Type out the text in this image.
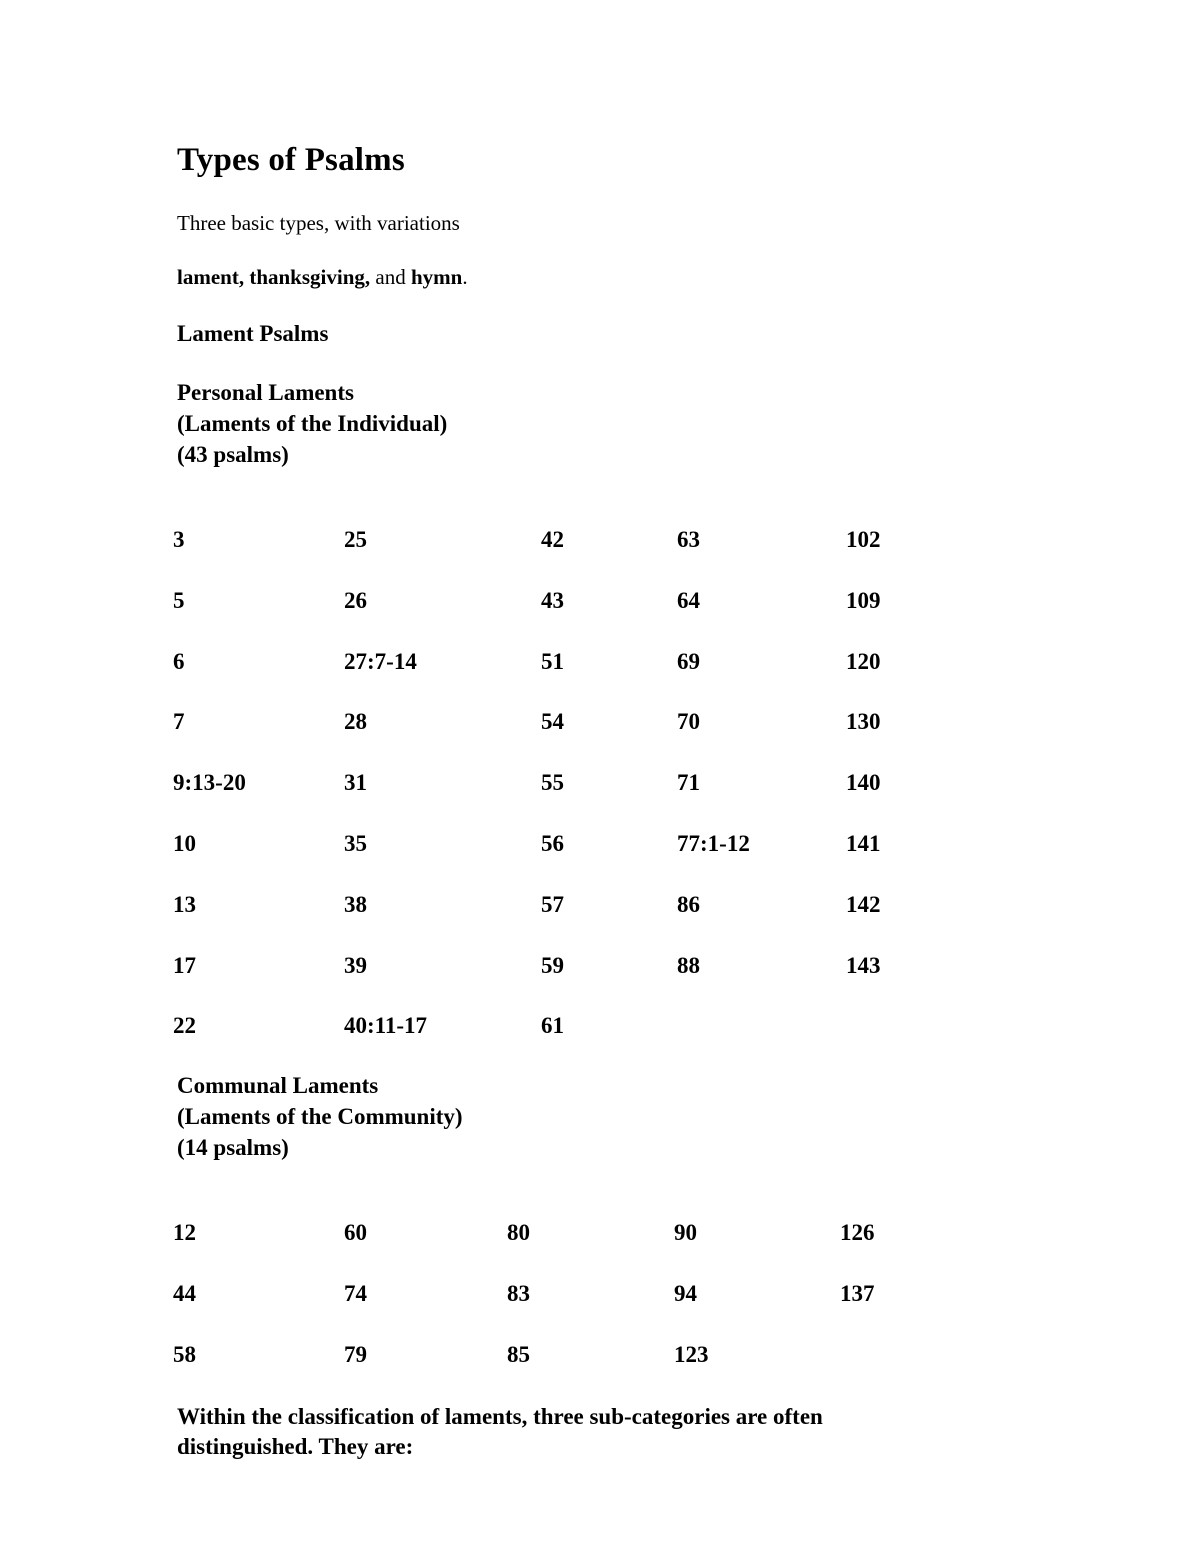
Types of Psalms
Three basic types, with variations
lament, thanksgiving, and hymn.
Lament Psalms
Personal Laments
(Laments of the Individual)
(43 psalms)
3	25	42	63	102
5	26	43	64	109
6	27:7-14	51	69	120
7	28	54	70	130
9:13-20	31	55	71	140
10	35	56	77:1-12	141
13	38	57	86	142
17	39	59	88	143
22	40:11-17	61
Communal Laments
(Laments of the Community)
(14 psalms)
12	60	80	90	126
44	74	83	94	137
58	79	85	123
Within the classification of laments, three sub-categories are often distinguished. They are:
